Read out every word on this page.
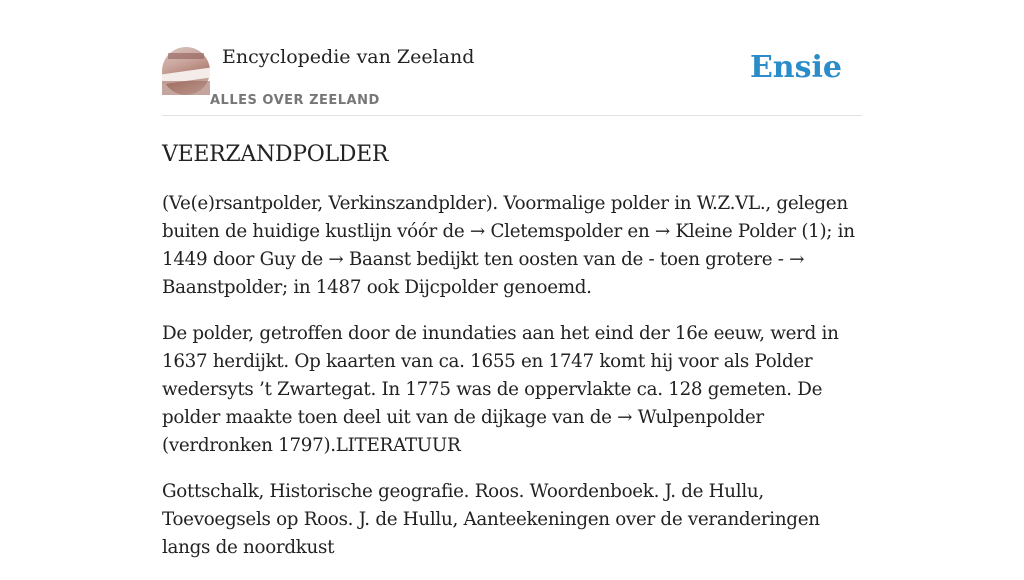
Encyclopedie van Zeeland
ALLES OVER ZEELAND
Ensie
VEERZANDPOLDER

(Ve(e)rsantpolder, Verkinszandplder). Voormalige polder in W.Z.VL., gelegen buiten de huidige kustlijn vóór de → Cletemspolder en → Kleine Polder (1); in 1449 door Guy de → Baanst bedijkt ten oosten van de - toen grotere - → Baanstpolder; in 1487 ook Dijcpolder genoemd.

De polder, getroffen door de inundaties aan het eind der 16e eeuw, werd in 1637 herdijkt. Op kaarten van ca. 1655 en 1747 komt hij voor als Polder wedersyts ’t Zwartegat. In 1775 was de oppervlakte ca. 128 gemeten. De polder maakte toen deel uit van de dijkage van de → Wulpenpolder (verdronken 1797).LITERATUUR

Gottschalk, Historische geografie. Roos. Woordenboek. J. de Hullu, Toevoegsels op Roos. J. de Hullu, Aanteekeningen over de veranderingen langs de noordkust
